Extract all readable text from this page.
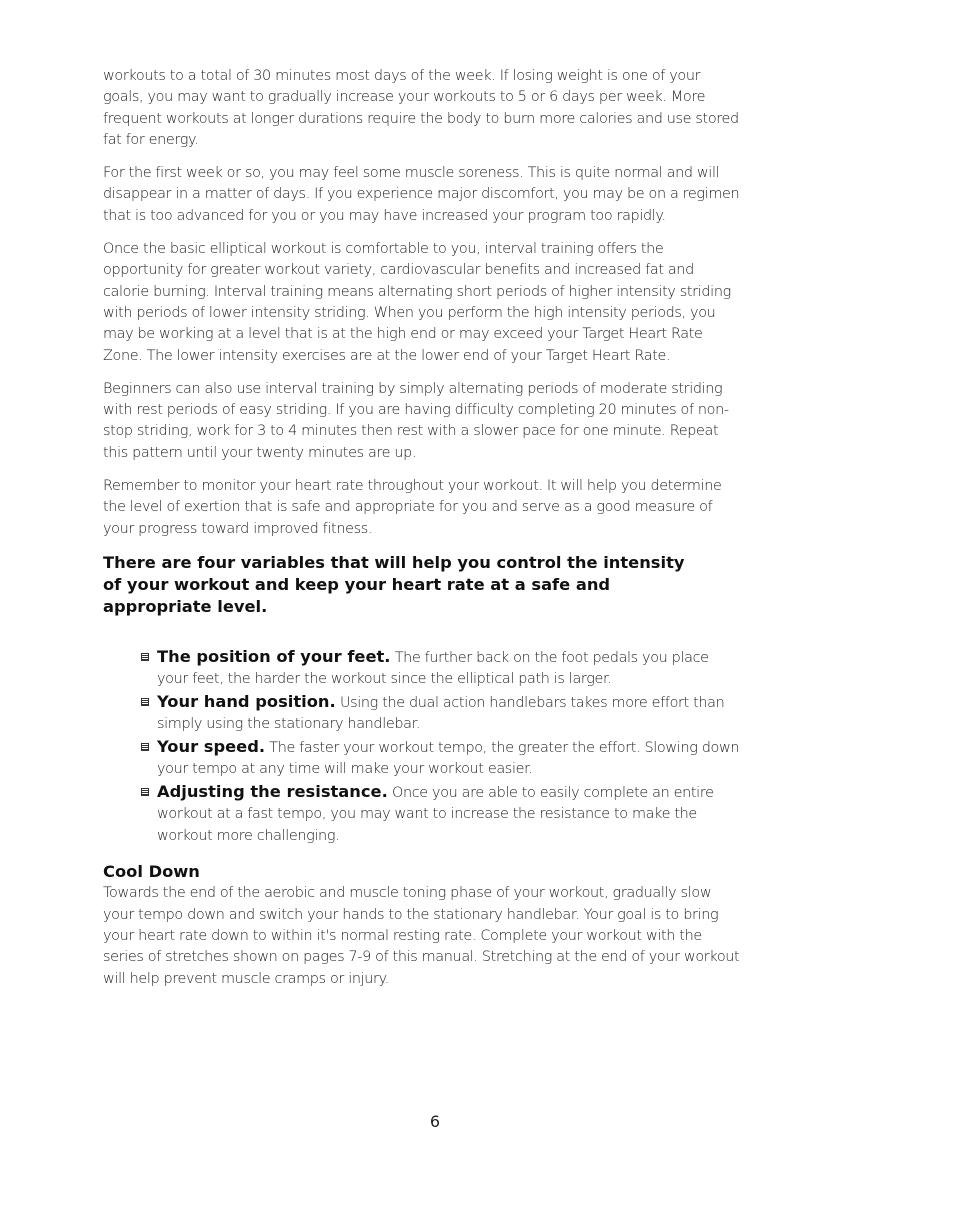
workouts to a total of 30 minutes most days of the week. If losing weight is one of your goals, you may want to gradually increase your workouts to 5 or 6 days per week. More frequent workouts at longer durations require the body to burn more calories and use stored fat for energy.

For the first week or so, you may feel some muscle soreness. This is quite normal and will disappear in a matter of days. If you experience major discomfort, you may be on a regimen that is too advanced for you or you may have increased your program too rapidly.

Once the basic elliptical workout is comfortable to you, interval training offers the opportunity for greater workout variety, cardiovascular benefits and increased fat and calorie burning. Interval training means alternating short periods of higher intensity striding with periods of lower intensity striding. When you perform the high intensity periods, you may be working at a level that is at the high end or may exceed your Target Heart Rate Zone. The lower intensity exercises are at the lower end of your Target Heart Rate.

Beginners can also use interval training by simply alternating periods of moderate striding with rest periods of easy striding. If you are having difficulty completing 20 minutes of non-stop striding, work for 3 to 4 minutes then rest with a slower pace for one minute. Repeat this pattern until your twenty minutes are up.

Remember to monitor your heart rate throughout your workout. It will help you determine the level of exertion that is safe and appropriate for you and serve as a good measure of your progress toward improved fitness.

There are four variables that will help you control the intensity of your workout and keep your heart rate at a safe and appropriate level.
The position of your feet. The further back on the foot pedals you place your feet, the harder the workout since the elliptical path is larger.
Your hand position. Using the dual action handlebars takes more effort than simply using the stationary handlebar.
Your speed. The faster your workout tempo, the greater the effort. Slowing down your tempo at any time will make your workout easier.
Adjusting the resistance. Once you are able to easily complete an entire workout at a fast tempo, you may want to increase the resistance to make the workout more challenging.
Cool Down

Towards the end of the aerobic and muscle toning phase of your workout, gradually slow your tempo down and switch your hands to the stationary handlebar. Your goal is to bring your heart rate down to within it's normal resting rate. Complete your workout with the series of stretches shown on pages 7-9 of this manual. Stretching at the end of your workout will help prevent muscle cramps or injury.

6
